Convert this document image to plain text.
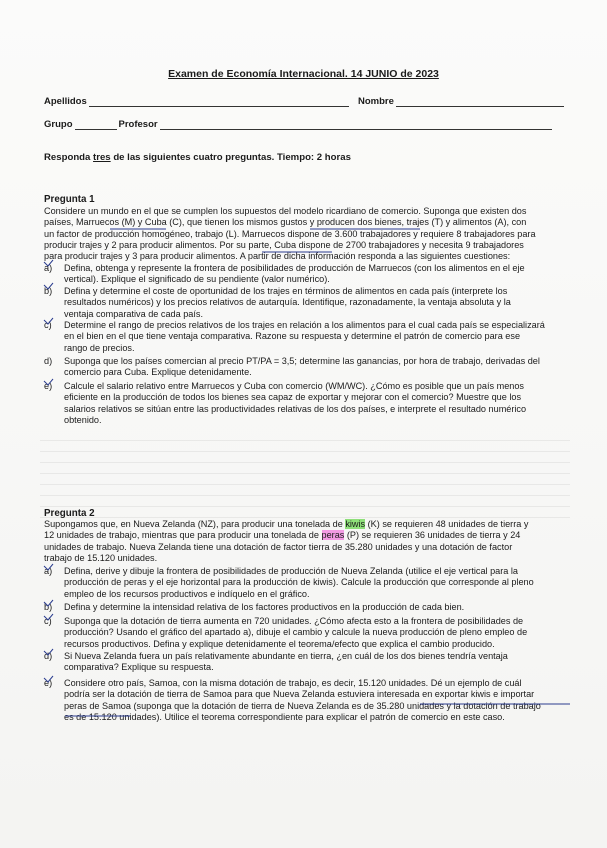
Examen de Economía Internacional. 14 JUNIO de 2023
Apellidos	Nombre
Grupo	Profesor
Responda tres de las siguientes cuatro preguntas. Tiempo: 2 horas
Pregunta 1
Considere un mundo en el que se cumplen los supuestos del modelo ricardiano de comercio. Suponga que existen dos
países, Marruecos (M) y Cuba (C), que tienen los mismos gustos y producen dos bienes, trajes (T) y alimentos (A), con
un factor de producción homogéneo, trabajo (L). Marruecos dispone de 3.600 trabajadores y requiere 8 trabajadores para
producir trajes y 2 para producir alimentos. Por su parte, Cuba dispone de 2700 trabajadores y necesita 9 trabajadores
para producir trajes y 3 para producir alimentos. A partir de dicha información responda a las siguientes cuestiones:
a)	Defina, obtenga y represente la frontera de posibilidades de producción de Marruecos (con los alimentos en el eje
vertical). Explique el significado de su pendiente (valor numérico).
b)	Defina y determine el coste de oportunidad de los trajes en términos de alimentos en cada país (interprete los
resultados numéricos) y los precios relativos de autarquía. Identifique, razonadamente, la ventaja absoluta y la
ventaja comparativa de cada país.
c)	Determine el rango de precios relativos de los trajes en relación a los alimentos para el cual cada país se especializará
en el bien en el que tiene ventaja comparativa. Razone su respuesta y determine el patrón de comercio para ese
rango de precios.
d)	Suponga que los países comercian al precio PT/PA = 3,5; determine las ganancias, por hora de trabajo, derivadas del
comercio para Cuba. Explique detenidamente.
e)	Calcule el salario relativo entre Marruecos y Cuba con comercio (WM/WC). ¿Cómo es posible que un país menos
eficiente en la producción de todos los bienes sea capaz de exportar y mejorar con el comercio? Muestre que los
salarios relativos se sitúan entre las productividades relativas de los dos países, e interprete el resultado numérico
obtenido.
Pregunta 2
Supongamos que, en Nueva Zelanda (NZ), para producir una tonelada de kiwis (K) se requieren 48 unidades de tierra y
12 unidades de trabajo, mientras que para producir una tonelada de peras (P) se requieren 36 unidades de tierra y 24
unidades de trabajo. Nueva Zelanda tiene una dotación de factor tierra de 35.280 unidades y una dotación de factor
trabajo de 15.120 unidades.
a)	Defina, derive y dibuje la frontera de posibilidades de producción de Nueva Zelanda (utilice el eje vertical para la
producción de peras y el eje horizontal para la producción de kiwis). Calcule la producción que corresponde al pleno
empleo de los recursos productivos e indíquelo en el gráfico.
b)	Defina y determine la intensidad relativa de los factores productivos en la producción de cada bien.
c)	Suponga que la dotación de tierra aumenta en 720 unidades. ¿Cómo afecta esto a la frontera de posibilidades de
producción? Usando el gráfico del apartado a), dibuje el cambio y calcule la nueva producción de pleno empleo de
recursos productivos. Defina y explique detenidamente el teorema/efecto que explica el cambio producido.
d)	Si Nueva Zelanda fuera un país relativamente abundante en tierra, ¿en cuál de los dos bienes tendría ventaja
comparativa? Explique su respuesta.
e)	Considere otro país, Samoa, con la misma dotación de trabajo, es decir, 15.120 unidades. Dé un ejemplo de cuál
podría ser la dotación de tierra de Samoa para que Nueva Zelanda estuviera interesada en exportar kiwis e importar
peras de Samoa (suponga que la dotación de tierra de Nueva Zelanda es de 35.280 unidades y la dotación de trabajo
es de 15.120 unidades). Utilice el teorema correspondiente para explicar el patrón de comercio en este caso.
